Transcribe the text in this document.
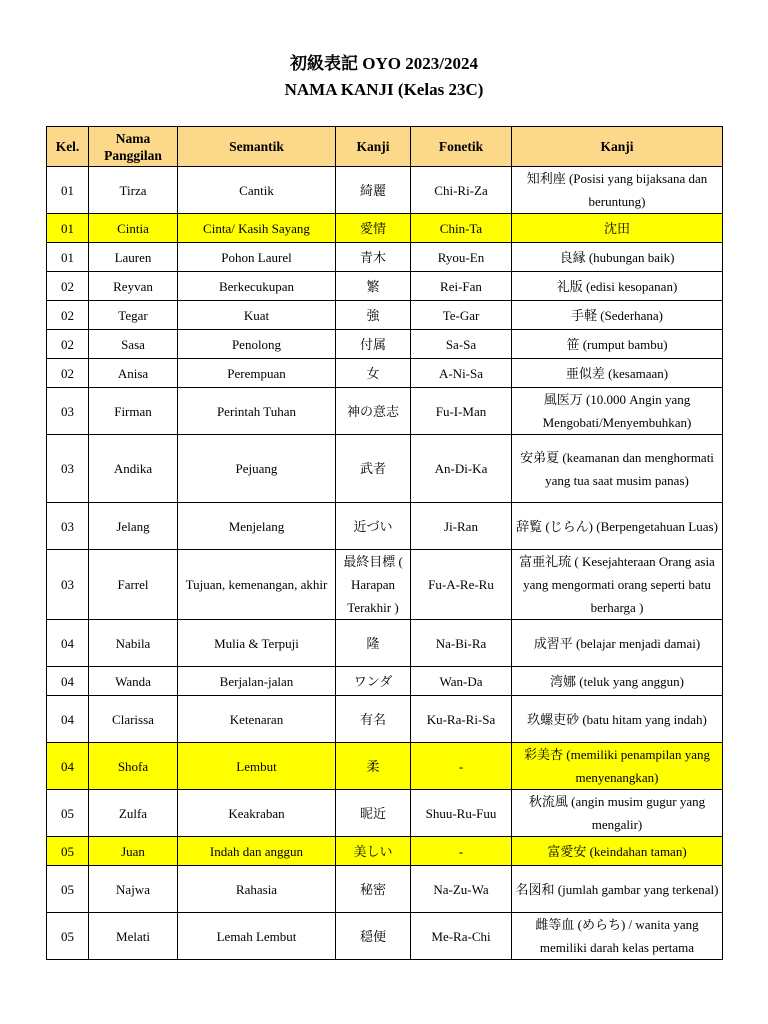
初級表記 OYO 2023/2024
NAMA KANJI (Kelas 23C)
Kel.	Nama Panggilan	Semantik	Kanji	Fonetik	Kanji
01	Tirza	Cantik	綺麗	Chi-Ri-Za	知利座 (Posisi yang bijaksana dan beruntung)
01	Cintia	Cinta/ Kasih Sayang	愛情	Chin-Ta	沈田
01	Lauren	Pohon Laurel	青木	Ryou-En	良縁 (hubungan baik)
02	Reyvan	Berkecukupan	繁	Rei-Fan	礼版 (edisi kesopanan)
02	Tegar	Kuat	強	Te-Gar	手軽 (Sederhana)
02	Sasa	Penolong	付属	Sa-Sa	笹 (rumput bambu)
02	Anisa	Perempuan	女	A-Ni-Sa	亜似差 (kesamaan)
03	Firman	Perintah Tuhan	神の意志	Fu-I-Man	風医万 (10.000 Angin yang Mengobati/Menyembuhkan)
03	Andika	Pejuang	武者	An-Di-Ka	安弟夏 (keamanan dan menghormati yang tua saat musim panas)
03	Jelang	Menjelang	近づい	Ji-Ran	辞覧 (じらん) (Berpengetahuan Luas)
03	Farrel	Tujuan, kemenangan, akhir	最終目標 ( Harapan Terakhir )	Fu-A-Re-Ru	富亜礼琉 ( Kesejahteraan Orang asia yang mengormati orang seperti batu berharga )
04	Nabila	Mulia & Terpuji	隆	Na-Bi-Ra	成習平 (belajar menjadi damai)
04	Wanda	Berjalan-jalan	ワンダ	Wan-Da	湾娜 (teluk yang anggun)
04	Clarissa	Ketenaran	有名	Ku-Ra-Ri-Sa	玖螺吏砂 (batu hitam yang indah)
04	Shofa	Lembut	柔	-	彩美杏 (memiliki penampilan yang menyenangkan)
05	Zulfa	Keakraban	昵近	Shuu-Ru-Fuu	秋流風 (angin musim gugur yang mengalir)
05	Juan	Indah dan anggun	美しい	-	富愛安 (keindahan taman)
05	Najwa	Rahasia	秘密	Na-Zu-Wa	名図和 (jumlah gambar yang terkenal)
05	Melati	Lemah Lembut	穏便	Me-Ra-Chi	雌等血 (めらち) / wanita yang memiliki darah kelas pertama
